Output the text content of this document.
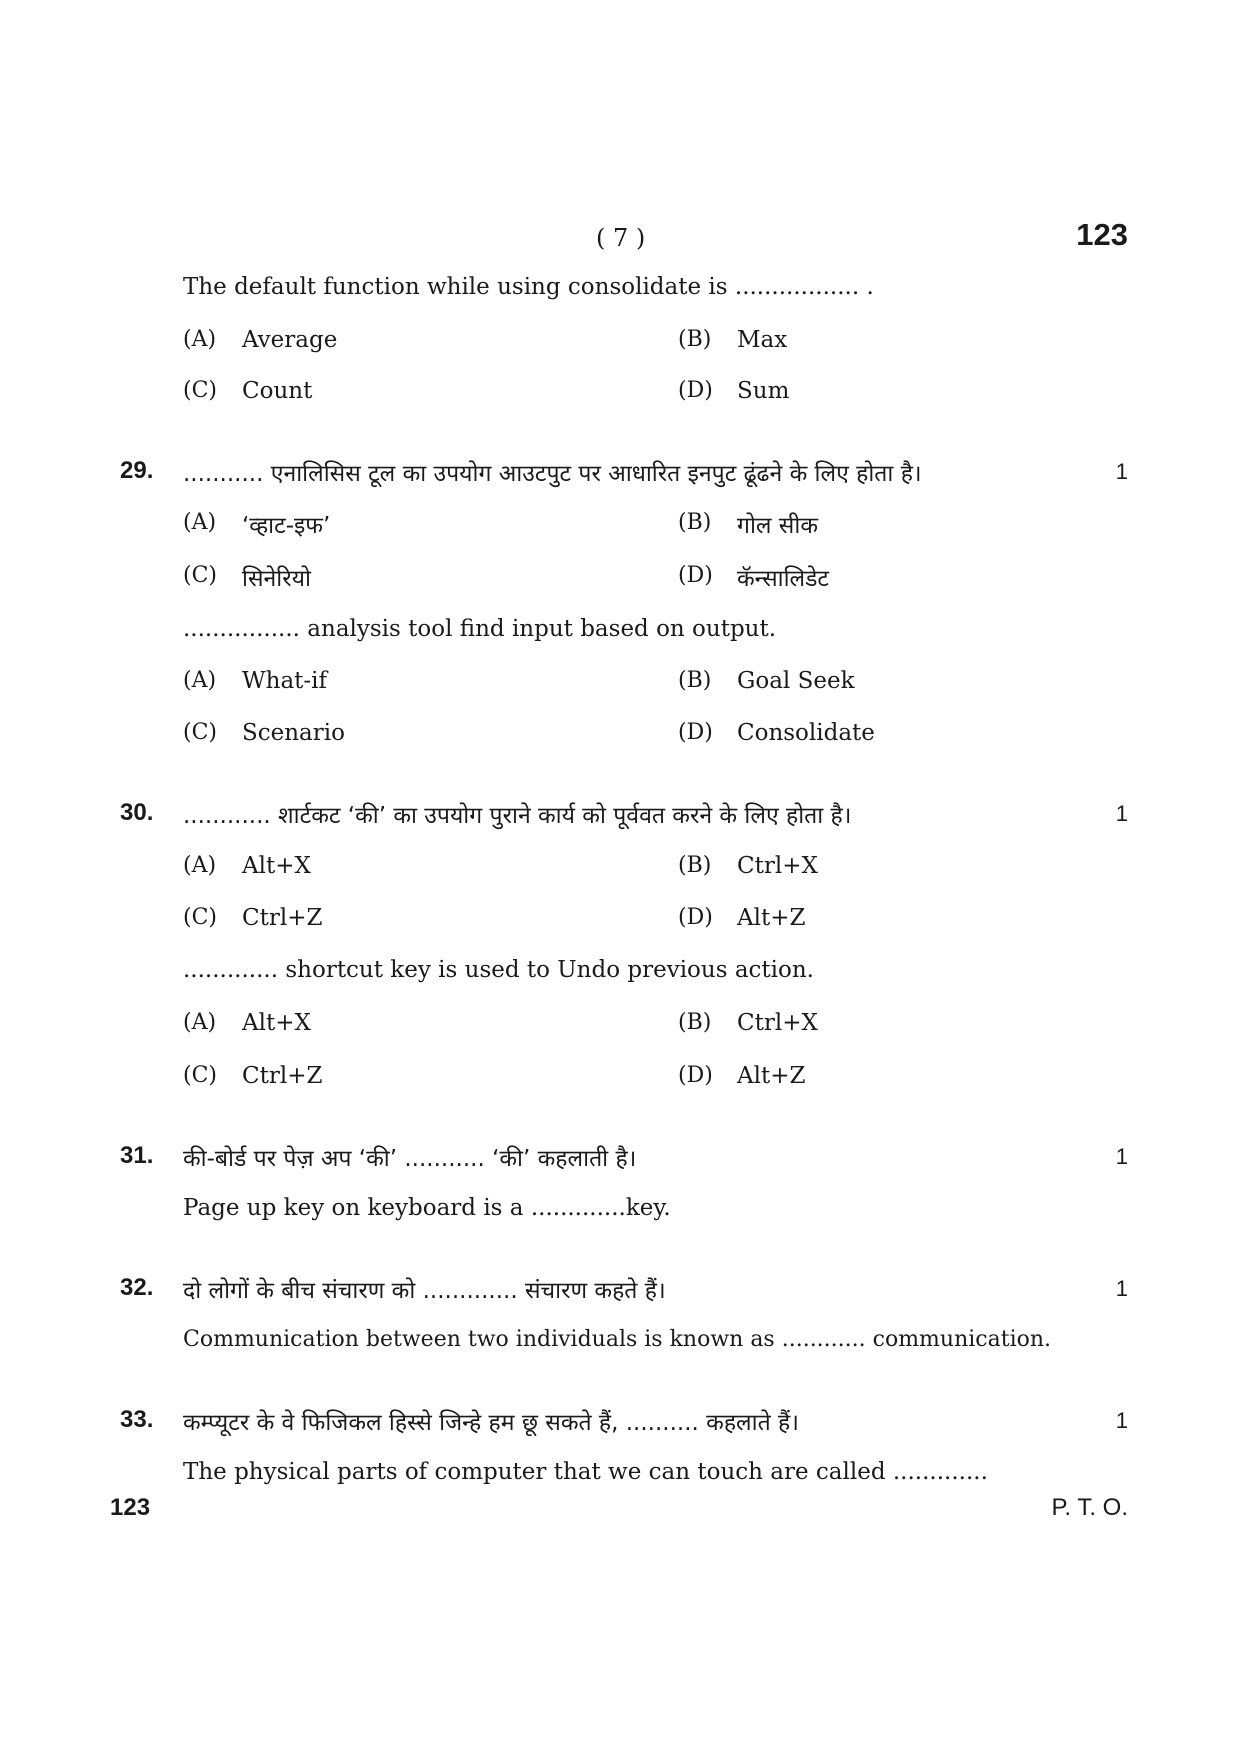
( 7 )	123
The default function while using consolidate is ................. .
(A) Average	(B) Max
(C) Count	(D) Sum
29. ........... एनालिसिस टूल का उपयोग आउटपुट पर आधारित इनपुट ढूंढने के लिए होता है।	1
(A) ‘व्हाट-इफ’	(B) गोल सीक
(C) सिनेरियो	(D) कॅन्सालिडेट
................ analysis tool find input based on output.
(A) What-if	(B) Goal Seek
(C) Scenario	(D) Consolidate
30. ............ शार्टकट ‘की’ का उपयोग पुराने कार्य को पूर्ववत करने के लिए होता है।	1
(A) Alt+X	(B) Ctrl+X
(C) Ctrl+Z	(D) Alt+Z
............. shortcut key is used to Undo previous action.
(A) Alt+X	(B) Ctrl+X
(C) Ctrl+Z	(D) Alt+Z
31. की-बोर्ड पर पेज़ अप ‘की’ ........... ‘की’ कहलाती है।	1
Page up key on keyboard is a .............key.
32. दो लोगों के बीच संचारण को ............. संचारण कहते हैं।	1
Communication between two individuals is known as ............ communication.
33. कम्प्यूटर के वे फिजिकल हिस्से जिन्हे हम छू सकते हैं, .......... कहलाते हैं।	1
The physical parts of computer that we can touch are called .............
123	P. T. O.
